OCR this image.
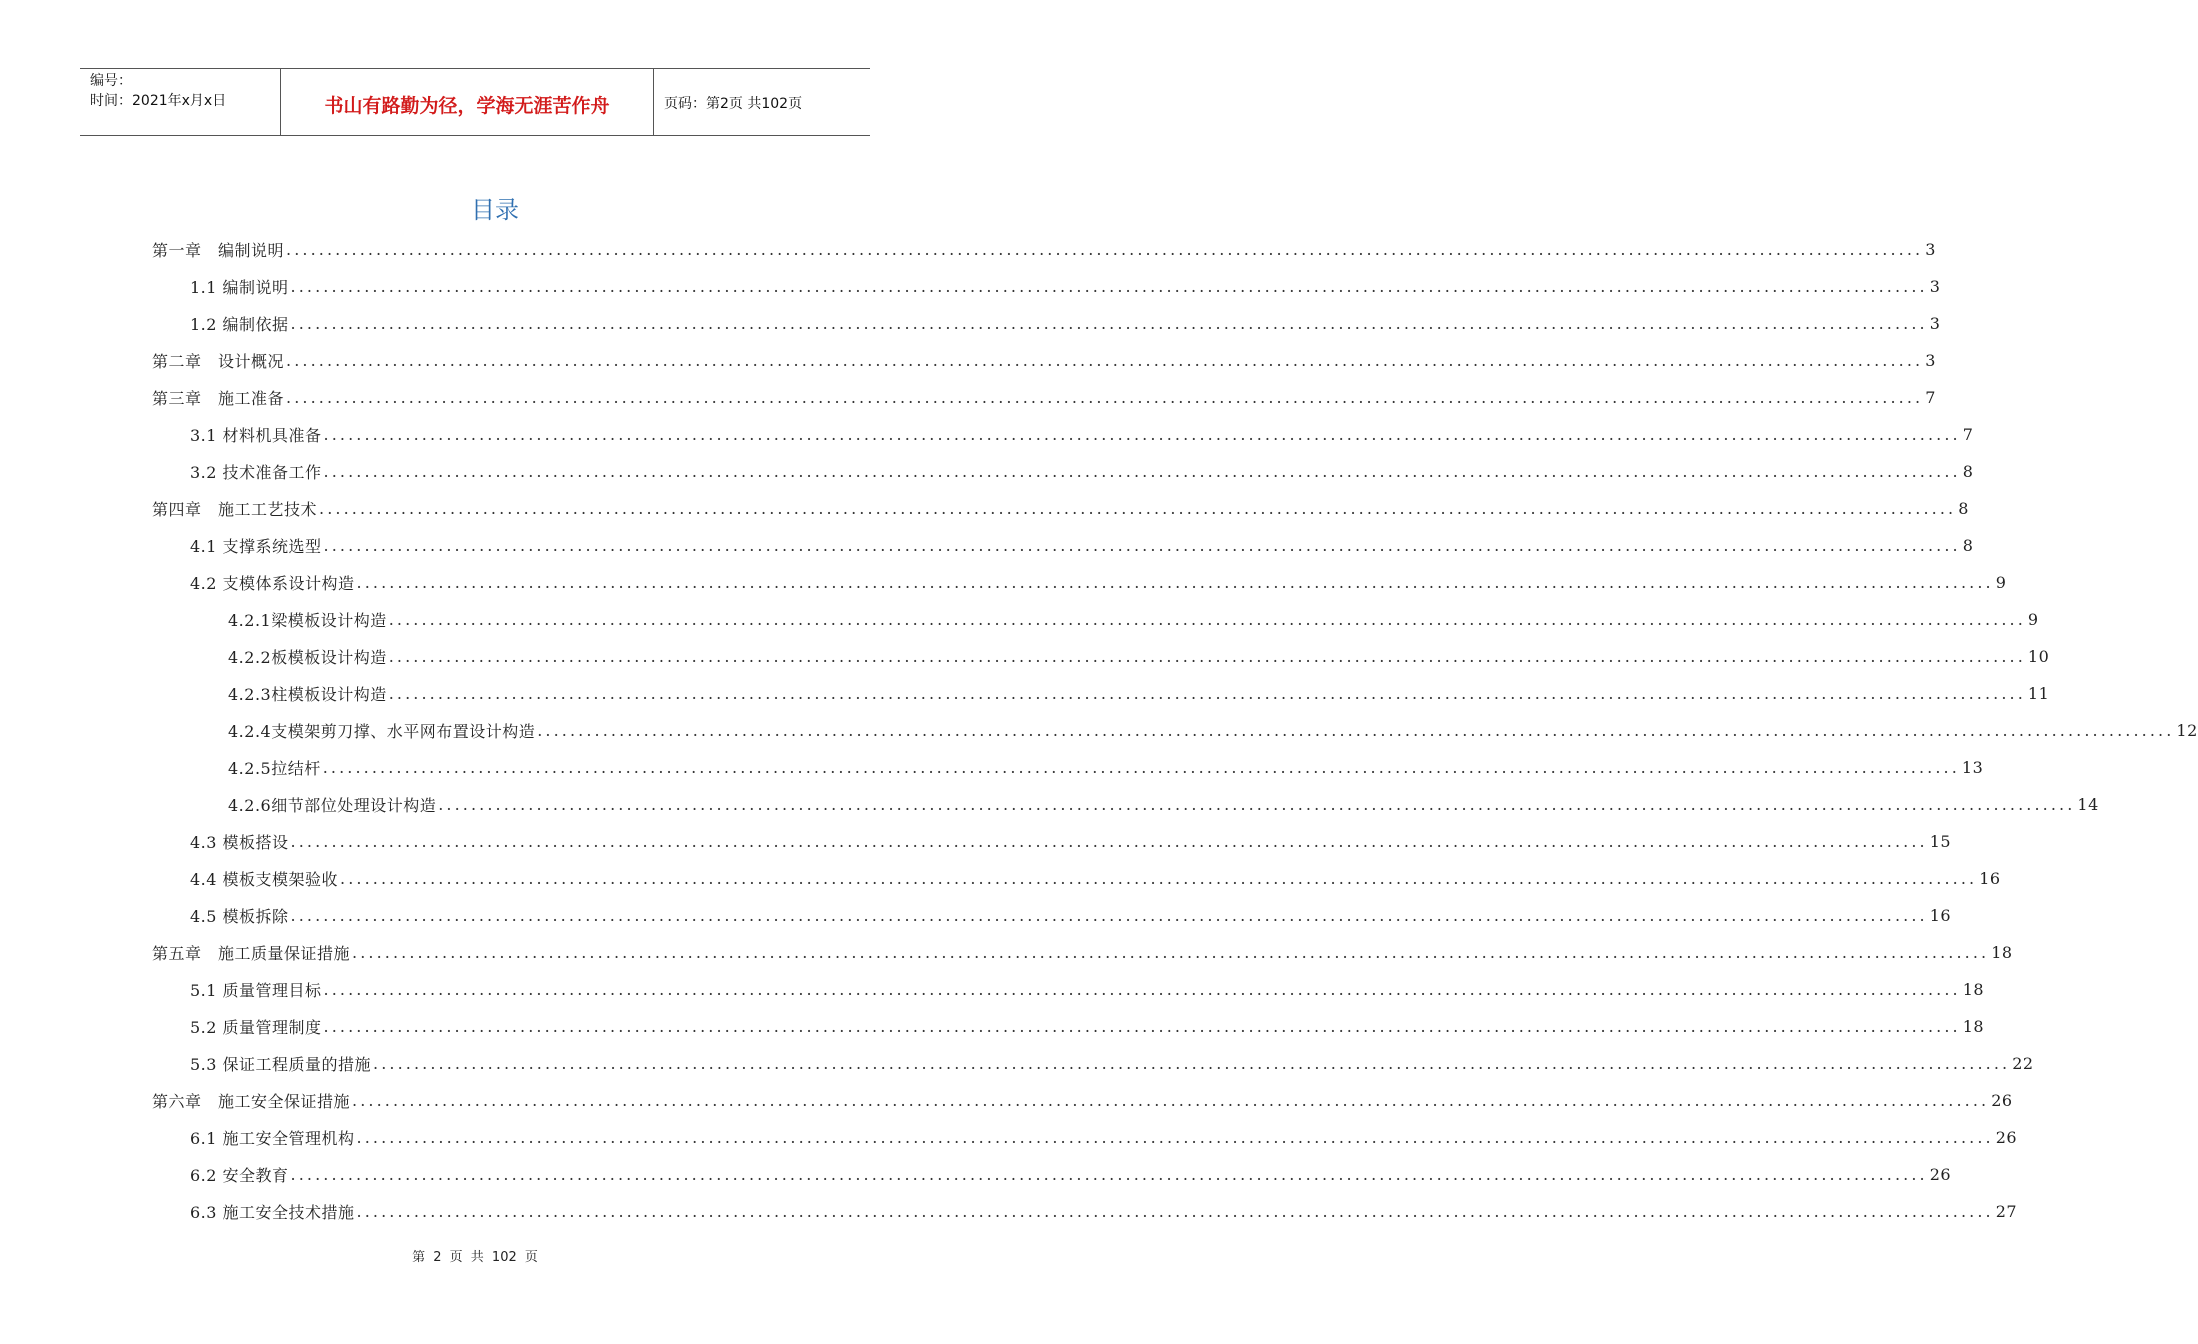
编号：
时间：2021年x月x日	书山有路勤为径，学海无涯苦作舟	页码：第2页 共102页
目录
第一章　编制说明 ........................................................................................................................................................................................................ 3
1.1 编制说明 ........................................................................................................................................................................................................ 3
1.2 编制依据 ........................................................................................................................................................................................................ 3
第二章　设计概况 ........................................................................................................................................................................................................ 3
第三章　施工准备 ........................................................................................................................................................................................................ 7
3.1 材料机具准备 ........................................................................................................................................................................................................ 7
3.2 技术准备工作 ........................................................................................................................................................................................................ 8
第四章　施工工艺技术 ........................................................................................................................................................................................................ 8
4.1 支撑系统选型 ........................................................................................................................................................................................................ 8
4.2 支模体系设计构造 ........................................................................................................................................................................................................ 9
4.2.1梁模板设计构造 ........................................................................................................................................................................................................ 9
4.2.2板模板设计构造 ........................................................................................................................................................................................................ 10
4.2.3柱模板设计构造 ........................................................................................................................................................................................................ 11
4.2.4支模架剪刀撑、水平网布置设计构造 ........................................................................................................................................................................................................ 12
4.2.5拉结杆 ........................................................................................................................................................................................................ 13
4.2.6细节部位处理设计构造 ........................................................................................................................................................................................................ 14
4.3 模板搭设 ........................................................................................................................................................................................................ 15
4.4 模板支模架验收 ........................................................................................................................................................................................................ 16
4.5 模板拆除 ........................................................................................................................................................................................................ 16
第五章　施工质量保证措施 ........................................................................................................................................................................................................ 18
5.1 质量管理目标 ........................................................................................................................................................................................................ 18
5.2 质量管理制度 ........................................................................................................................................................................................................ 18
5.3 保证工程质量的措施 ........................................................................................................................................................................................................ 22
第六章　施工安全保证措施 ........................................................................................................................................................................................................ 26
6.1 施工安全管理机构 ........................................................................................................................................................................................................ 26
6.2 安全教育 ........................................................................................................................................................................................................ 26
6.3 施工安全技术措施 ........................................................................................................................................................................................................ 27
第 2 页 共 102 页
